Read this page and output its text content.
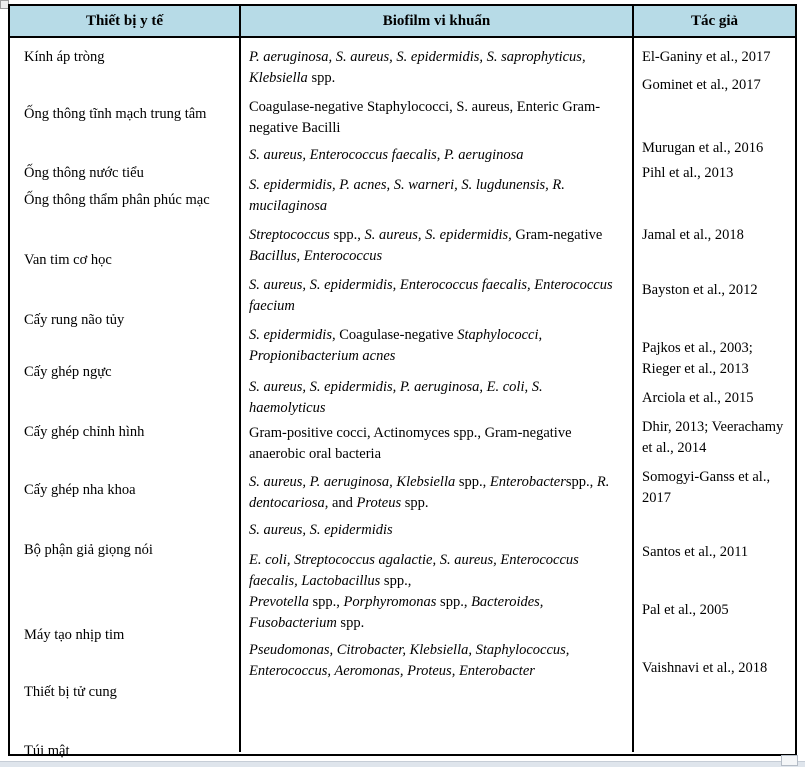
Thiết bị y tế	Biofilm vi khuẩn	Tác giả

Kính áp tròng

Ống thông tĩnh mạch trung tâm

Ống thông nước tiểu

Ống thông thẩm phân phúc mạc

Van tim cơ học

Cấy rung não tủy

Cấy ghép ngực

Cấy ghép chỉnh hình

Cấy ghép nha khoa

Bộ phận giả giọng nói

Máy tạo nhịp tim

Thiết bị tử cung

Túi mật

P. aeruginosa, S. aureus, S. epidermidis, S. saprophyticus, Klebsiella spp.

Coagulase-negative Staphylococci, S. aureus, Enteric Gram-negative Bacilli

S. aureus, Enterococcus faecalis, P. aeruginosa

S. epidermidis, P. acnes, S. warneri, S. lugdunensis, R. mucilaginosa

Streptococcus spp., S. aureus, S. epidermidis, Gram-negative Bacillus, Enterococcus

S. aureus, S. epidermidis, Enterococcus faecalis, Enterococcus faecium

S. epidermidis, Coagulase-negative Staphylococci, Propionibacterium acnes

S. aureus, S. epidermidis, P. aeruginosa, E. coli, S. haemolyticus

Gram-positive cocci, Actinomyces spp., Gram-negative anaerobic oral bacteria

S. aureus, P. aeruginosa, Klebsiella spp., Enterobacterspp., R. dentocariosa, and Proteus spp.

S. aureus, S. epidermidis

E. coli, Streptococcus agalactie, S. aureus, Enterococcus faecalis, Lactobacillus spp.,

Prevotella spp., Porphyromonas spp., Bacteroides, Fusobacterium spp.

Pseudomonas, Citrobacter, Klebsiella, Staphylococcus, Enterococcus, Aeromonas, Proteus, Enterobacter

El-Ganiny et al., 2017

Gominet et al., 2017

Murugan et al., 2016

Pihl et al., 2013

Jamal et al., 2018

Bayston et al., 2012

Pajkos et al., 2003; Rieger et al., 2013

Arciola et al., 2015

Dhir, 2013; Veerachamy et al., 2014

Somogyi-Ganss et al., 2017

Santos et al., 2011

Pal et al., 2005

Vaishnavi et al., 2018
